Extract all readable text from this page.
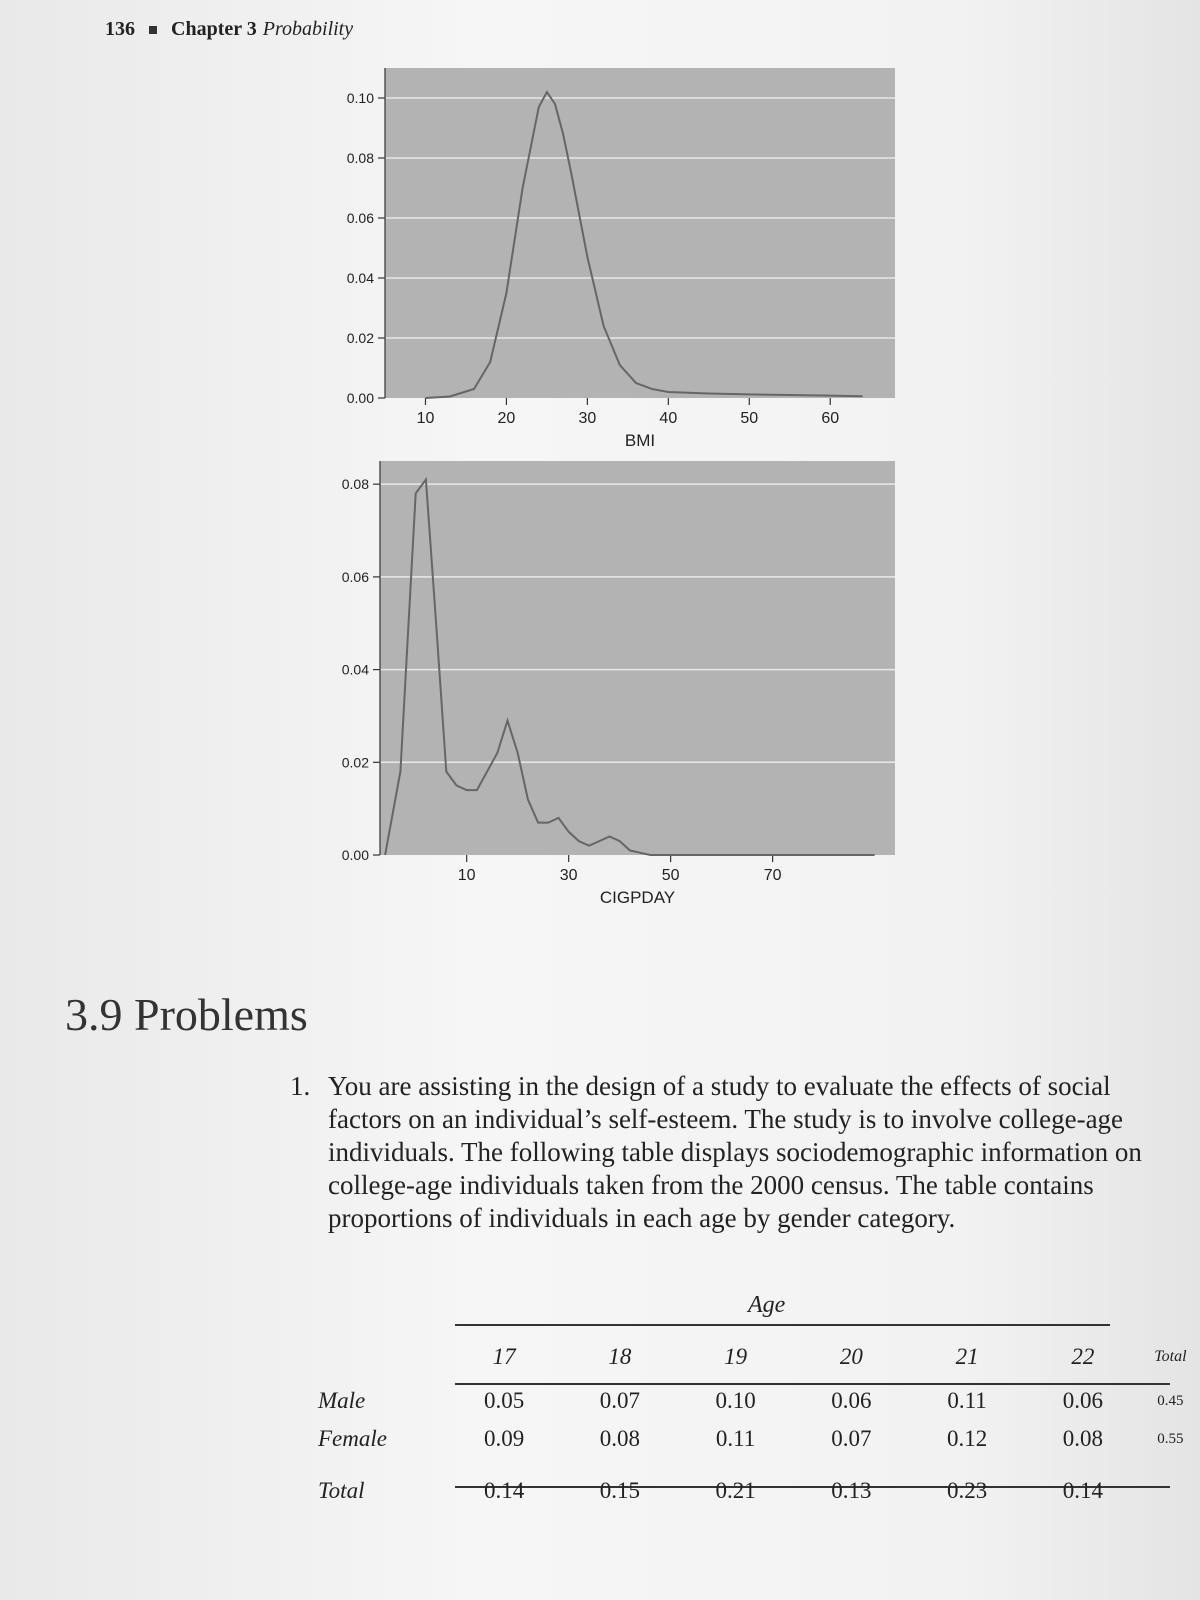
136 Chapter 3 Probability
0.00
0.02
0.04
0.06
0.08
0.10
10	20	30	40	50	60
BMI
0.00
0.02
0.04
0.06
0.08
10	30	50	70
CIGPDAY
3.9 Problems
1. You are assisting in the design of a study to evaluate the effects of social factors on an individual’s self-esteem. The study is to involve college-age individuals. The following table displays sociodemographic information on college-age individuals taken from the 2000 census. The table contains proportions of individuals in each age by gender category.
Age
	17	18	19	20	21	22	Total
Male	0.05	0.07	0.10	0.06	0.11	0.06	0.45
Female	0.09	0.08	0.11	0.07	0.12	0.08	0.55

Total	0.14	0.15	0.21	0.13	0.23	0.14	
